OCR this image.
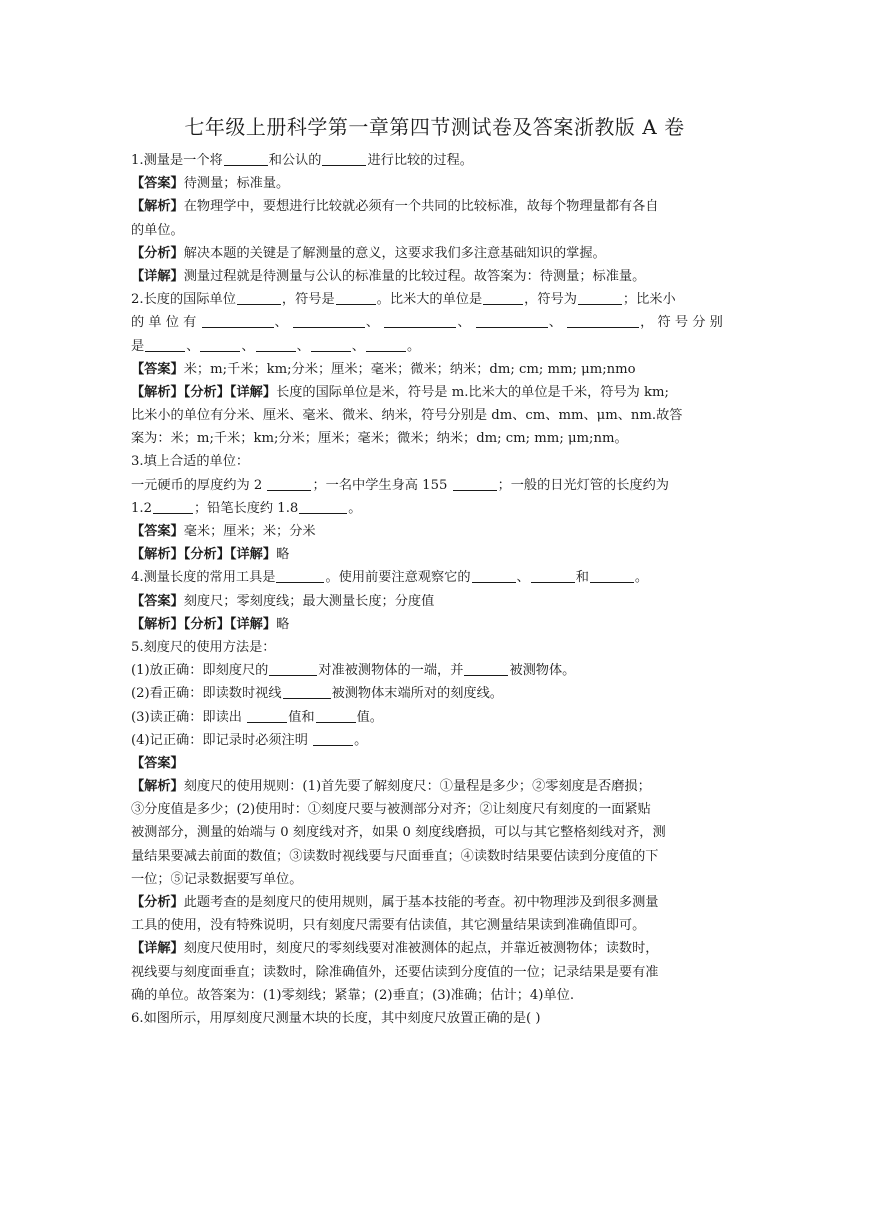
七年级上册科学第一章第四节测试卷及答案浙教版 A 卷
1.测量是一个将	和公认的	进行比较的过程。
【答案】待测量；标准量。
【解析】在物理学中，要想进行比较就必须有一个共同的比较标准，故每个物理量都有各自
的单位。
【分析】解决本题的关键是了解测量的意义，这要求我们多注意基础知识的掌握。
【详解】测量过程就是待测量与公认的标准量的比较过程。故答案为：待测量；标准量。
2.长度的国际单位	，符号是	。比米大的单位是	，符号为	；比米小
的 单 位 有	、	、	、	、	， 符 号 分 别
是	、	、	、	、	。
【答案】米；m;千米；km;分米；厘米；毫米；微米；纳米；dm; cm; mm; μm;nmo
【解析】【分析】【详解】长度的国际单位是米，符号是 m.比米大的单位是千米，符号为 km;
比米小的单位有分米、厘米、毫米、微米、纳米，符号分别是 dm、cm、mm、μm、nm.故答
案为：米；m;千米；km;分米；厘米；毫米；微米；纳米；dm; cm; mm; μm;nm。
3.填上合适的单位：
一元硬币的厚度约为 2	；一名中学生身高 155	；一般的日光灯管的长度约为
1.2	；铅笔长度约 1.8	。
【答案】毫米；厘米；米；分米
【解析】【分析】【详解】略
4.测量长度的常用工具是	。使用前要注意观察它的	、	和	。
【答案】刻度尺；零刻度线；最大测量长度；分度值
【解析】【分析】【详解】略
5.刻度尺的使用方法是：
(1)放正确：即刻度尺的	对准被测物体的一端，并	被测物体。
(2)看正确：即读数时视线	被测物体末端所对的刻度线。
(3)读正确：即读出	值和	值。
(4)记正确：即记录时必须注明	。
【答案】
【解析】刻度尺的使用规则：(1)首先要了解刻度尺：①量程是多少；②零刻度是否磨损；
③分度值是多少；(2)使用时：①刻度尺要与被测部分对齐；②让刻度尺有刻度的一面紧贴
被测部分，测量的始端与 0 刻度线对齐，如果 0 刻度线磨损，可以与其它整格刻线对齐，测
量结果要减去前面的数值；③读数时视线要与尺面垂直；④读数时结果要估读到分度值的下
一位；⑤记录数据要写单位。
【分析】此题考查的是刻度尺的使用规则，属于基本技能的考查。初中物理涉及到很多测量
工具的使用，没有特殊说明，只有刻度尺需要有估读值，其它测量结果读到准确值即可。
【详解】刻度尺使用时，刻度尺的零刻线要对准被测体的起点，并靠近被测物体；读数时，
视线要与刻度面垂直；读数时，除准确值外，还要估读到分度值的一位；记录结果是要有准
确的单位。故答案为：(1)零刻线；紧靠；(2)垂直；(3)准确；估计；4)单位.
6.如图所示，用厚刻度尺测量木块的长度，其中刻度尺放置正确的是( )
